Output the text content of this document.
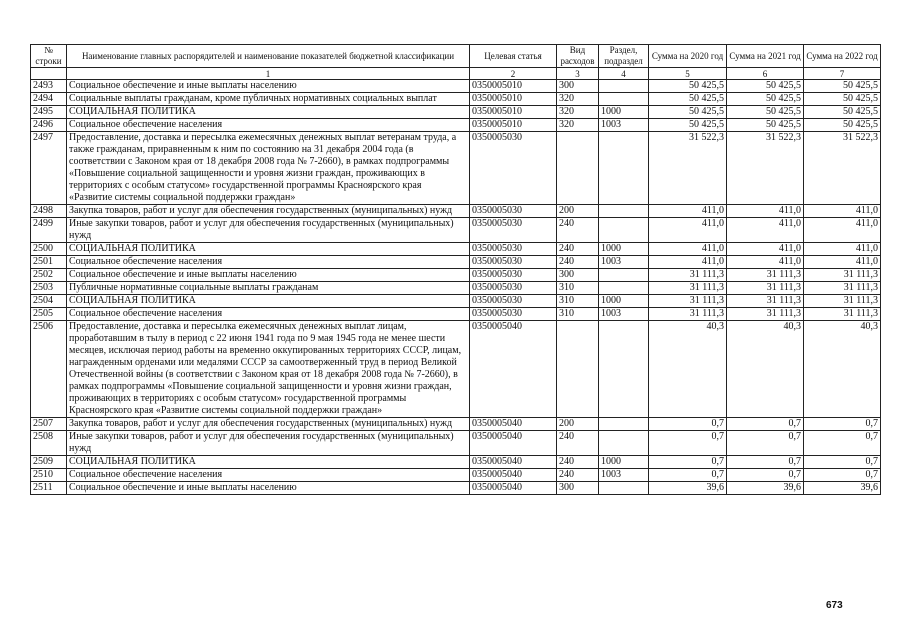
№ строки	Наименование главных распорядителей и наименование показателей бюджетной классификации	Целевая статья	Вид расходов	Раздел, подраздел	Сумма на 2020 год	Сумма на 2021 год	Сумма на 2022 год
	1	2	3	4	5	6	7
2493	Социальное обеспечение и иные выплаты населению	0350005010	300		50 425,5	50 425,5	50 425,5
2494	Социальные выплаты гражданам, кроме публичных нормативных социальных выплат	0350005010	320		50 425,5	50 425,5	50 425,5
2495	СОЦИАЛЬНАЯ ПОЛИТИКА	0350005010	320	1000	50 425,5	50 425,5	50 425,5
2496	Социальное обеспечение населения	0350005010	320	1003	50 425,5	50 425,5	50 425,5
2497	Предоставление, доставка и пересылка ежемесячных денежных выплат ветеранам труда, а также гражданам, приравненным к ним по состоянию на 31 декабря 2004 года (в соответствии с Законом края от 18 декабря 2008 года № 7-2660), в рамках подпрограммы «Повышение социальной защищенности и уровня жизни граждан, проживающих в территориях с особым статусом» государственной программы Красноярского края «Развитие системы социальной поддержки граждан»	0350005030			31 522,3	31 522,3	31 522,3
2498	Закупка товаров, работ и услуг для обеспечения государственных (муниципальных) нужд	0350005030	200		411,0	411,0	411,0
2499	Иные закупки товаров, работ и услуг для обеспечения государственных (муниципальных) нужд	0350005030	240		411,0	411,0	411,0
2500	СОЦИАЛЬНАЯ ПОЛИТИКА	0350005030	240	1000	411,0	411,0	411,0
2501	Социальное обеспечение населения	0350005030	240	1003	411,0	411,0	411,0
2502	Социальное обеспечение и иные выплаты населению	0350005030	300		31 111,3	31 111,3	31 111,3
2503	Публичные нормативные социальные выплаты гражданам	0350005030	310		31 111,3	31 111,3	31 111,3
2504	СОЦИАЛЬНАЯ ПОЛИТИКА	0350005030	310	1000	31 111,3	31 111,3	31 111,3
2505	Социальное обеспечение населения	0350005030	310	1003	31 111,3	31 111,3	31 111,3
2506	Предоставление, доставка и пересылка ежемесячных денежных выплат лицам, проработавшим в тылу в период с 22 июня 1941 года по 9 мая 1945 года не менее шести месяцев, исключая период работы на временно оккупированных территориях СССР, лицам, награжденным орденами или медалями СССР за самоотверженный труд в период Великой Отечественной войны (в соответствии с Законом края от 18 декабря 2008 года № 7-2660), в рамках подпрограммы «Повышение социальной защищенности и уровня жизни граждан, проживающих в территориях с особым статусом» государственной программы Красноярского края «Развитие системы социальной поддержки граждан»	0350005040			40,3	40,3	40,3
2507	Закупка товаров, работ и услуг для обеспечения государственных (муниципальных) нужд	0350005040	200		0,7	0,7	0,7
2508	Иные закупки товаров, работ и услуг для обеспечения государственных (муниципальных) нужд	0350005040	240		0,7	0,7	0,7
2509	СОЦИАЛЬНАЯ ПОЛИТИКА	0350005040	240	1000	0,7	0,7	0,7
2510	Социальное обеспечение населения	0350005040	240	1003	0,7	0,7	0,7
2511	Социальное обеспечение и иные выплаты населению	0350005040	300		39,6	39,6	39,6
673
